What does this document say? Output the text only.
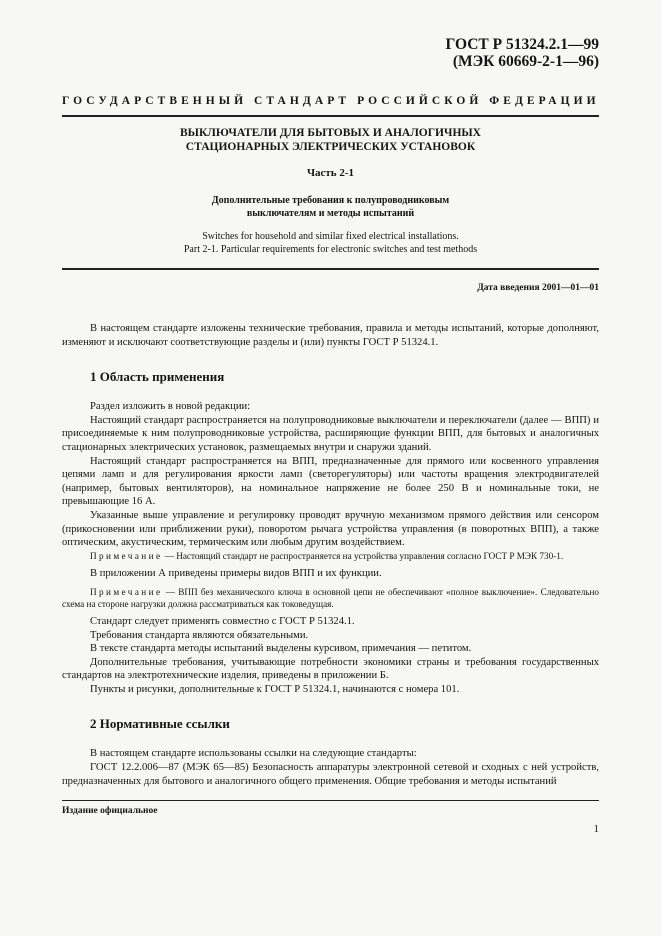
ГОСТ Р 51324.2.1—99
(МЭК 60669-2-1—96)
ГОСУДАРСТВЕННЫЙ СТАНДАРТ РОССИЙСКОЙ ФЕДЕРАЦИИ
ВЫКЛЮЧАТЕЛИ ДЛЯ БЫТОВЫХ И АНАЛОГИЧНЫХ
СТАЦИОНАРНЫХ ЭЛЕКТРИЧЕСКИХ УСТАНОВОК
Часть 2-1
Дополнительные требования к полупроводниковым
выключателям и методы испытаний
Switches for household and similar fixed electrical installations.
Part 2-1. Particular requirements for electronic switches and test methods
Дата введения 2001—01—01

В настоящем стандарте изложены технические требования, правила и методы испытаний, которые дополняют, изменяют и исключают соответствующие разделы и (или) пункты ГОСТ Р 51324.1.

1 Область применения

Раздел изложить в новой редакции:

Настоящий стандарт распространяется на полупроводниковые выключатели и переключатели (далее — ВПП) и присоединяемые к ним полупроводниковые устройства, расширяющие функции ВПП, для бытовых и аналогичных стационарных электрических установок, размещаемых внутри и снаружи зданий.

Настоящий стандарт распространяется на ВПП, предназначенные для прямого или косвенного управления цепями ламп и для регулирования яркости ламп (светорегуляторы) или частоты вращения электродвигателей (например, бытовых вентиляторов), на номинальное напряжение не более 250 В и номинальные токи, не превышающие 16 А.

Указанные выше управление и регулировку проводят вручную механизмом прямого действия или сенсором (прикосновении или приближении руки), поворотом рычага устройства управления (в поворотных ВПП), а также оптическим, акустическим, термическим или любым другим воздействием.

Примечание — Настоящий стандарт не распространяется на устройства управления согласно ГОСТ Р МЭК 730-1.

В приложении А приведены примеры видов ВПП и их функции.

Примечание — ВПП без механического ключа в основной цепи не обеспечивают «полное выключение». Следовательно схема на стороне нагрузки должна рассматриваться как токоведущая.

Стандарт следует применять совместно с ГОСТ Р 51324.1.

Требования стандарта являются обязательными.

В тексте стандарта методы испытаний выделены курсивом, примечания — петитом.

Дополнительные требования, учитывающие потребности экономики страны и требования государственных стандартов на электротехнические изделия, приведены в приложении Б.

Пункты и рисунки, дополнительные к ГОСТ Р 51324.1, начинаются с номера 101.

2 Нормативные ссылки

В настоящем стандарте использованы ссылки на следующие стандарты:

ГОСТ 12.2.006—87 (МЭК 65—85) Безопасность аппаратуры электронной сетевой и сходных с ней устройств, предназначенных для бытового и аналогичного общего применения. Общие требования и методы испытаний

Издание официальное
1
